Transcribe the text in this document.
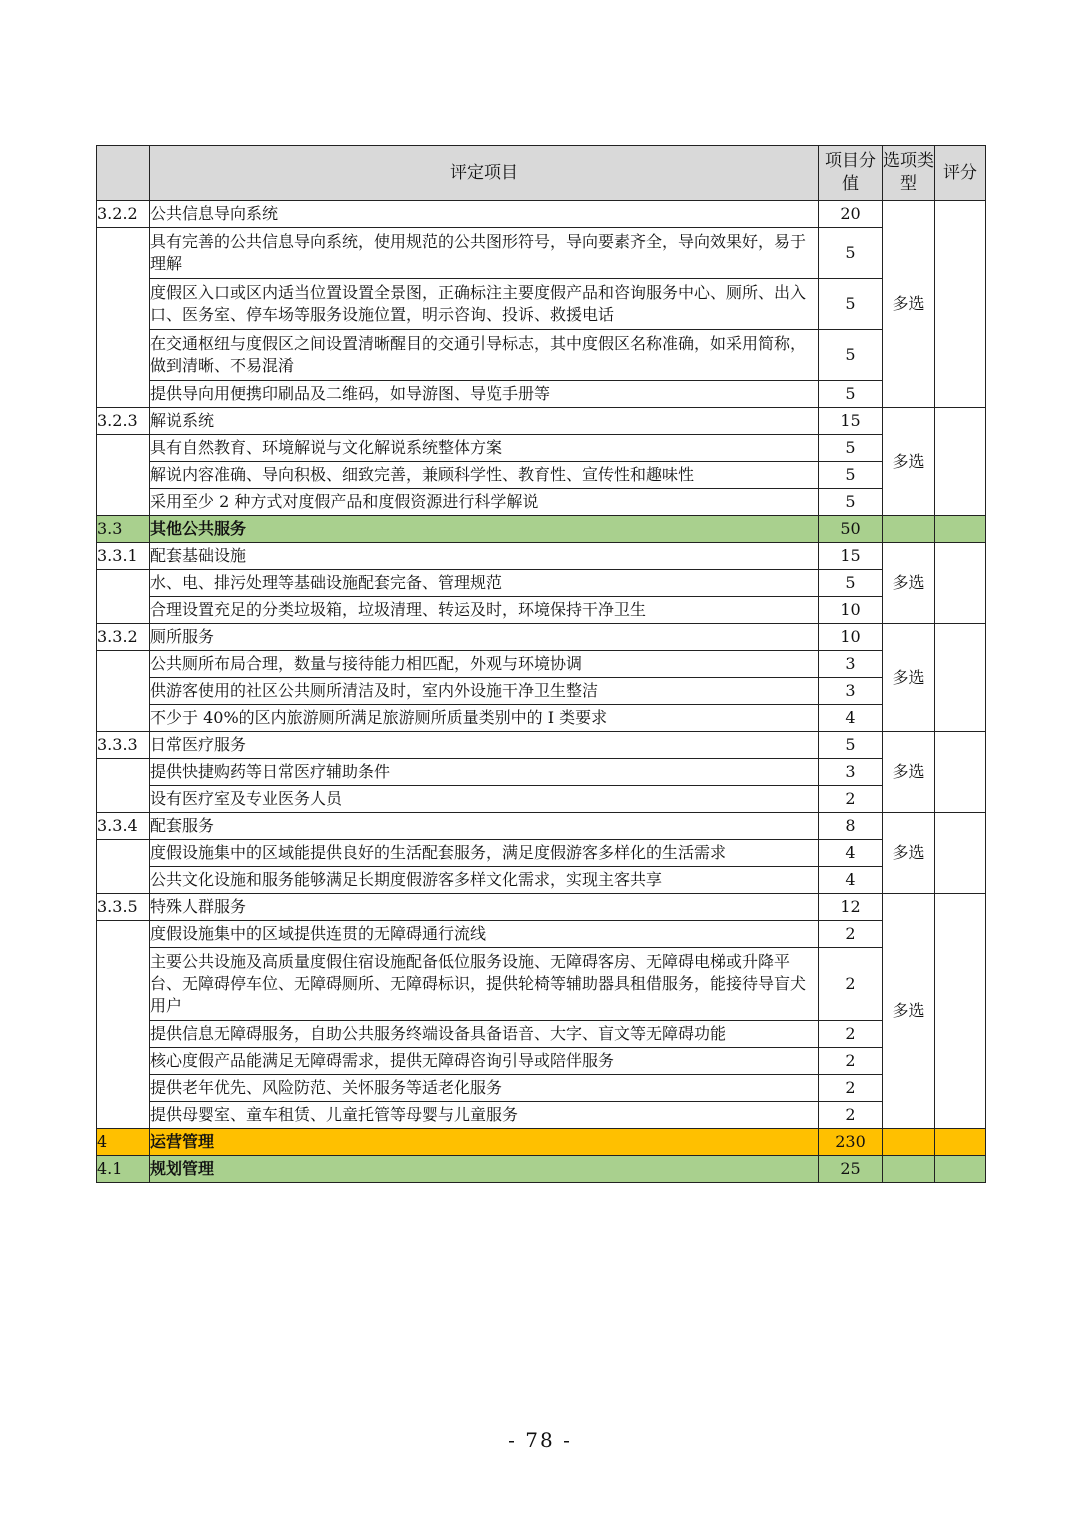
	评定项目	项目分值	选项类型	评分
3.2.2	公共信息导向系统	20	多选	
	具有完善的公共信息导向系统，使用规范的公共图形符号，导向要素齐全，导向效果好，易于理解	5		
	度假区入口或区内适当位置设置全景图，正确标注主要度假产品和咨询服务中心、厕所、出入口、医务室、停车场等服务设施位置，明示咨询、投诉、救援电话	5		
	在交通枢纽与度假区之间设置清晰醒目的交通引导标志，其中度假区名称准确，如采用简称，做到清晰、不易混淆	5		
	提供导向用便携印刷品及二维码，如导游图、导览手册等	5		
3.2.3	解说系统	15	多选	
	具有自然教育、环境解说与文化解说系统整体方案	5		
	解说内容准确、导向积极、细致完善，兼顾科学性、教育性、宣传性和趣味性	5		
	采用至少 2 种方式对度假产品和度假资源进行科学解说	5		
3.3	其他公共服务	50		
3.3.1	配套基础设施	15	多选	
	水、电、排污处理等基础设施配套完备、管理规范	5		
	合理设置充足的分类垃圾箱，垃圾清理、转运及时，环境保持干净卫生	10		
3.3.2	厕所服务	10	多选	
	公共厕所布局合理，数量与接待能力相匹配，外观与环境协调	3		
	供游客使用的社区公共厕所清洁及时，室内外设施干净卫生整洁	3		
	不少于 40%的区内旅游厕所满足旅游厕所质量类别中的 I 类要求	4		
3.3.3	日常医疗服务	5	多选	
	提供快捷购药等日常医疗辅助条件	3		
	设有医疗室及专业医务人员	2		
3.3.4	配套服务	8	多选	
	度假设施集中的区域能提供良好的生活配套服务，满足度假游客多样化的生活需求	4		
	公共文化设施和服务能够满足长期度假游客多样文化需求，实现主客共享	4		
3.3.5	特殊人群服务	12	多选	
	度假设施集中的区域提供连贯的无障碍通行流线	2		
	主要公共设施及高质量度假住宿设施配备低位服务设施、无障碍客房、无障碍电梯或升降平台、无障碍停车位、无障碍厕所、无障碍标识，提供轮椅等辅助器具租借服务，能接待导盲犬用户	2		
	提供信息无障碍服务，自助公共服务终端设备具备语音、大字、盲文等无障碍功能	2		
	核心度假产品能满足无障碍需求，提供无障碍咨询引导或陪伴服务	2		
	提供老年优先、风险防范、关怀服务等适老化服务	2		
	提供母婴室、童车租赁、儿童托管等母婴与儿童服务	2		
4	运营管理	230		
4.1	规划管理	25		
- 78 -
